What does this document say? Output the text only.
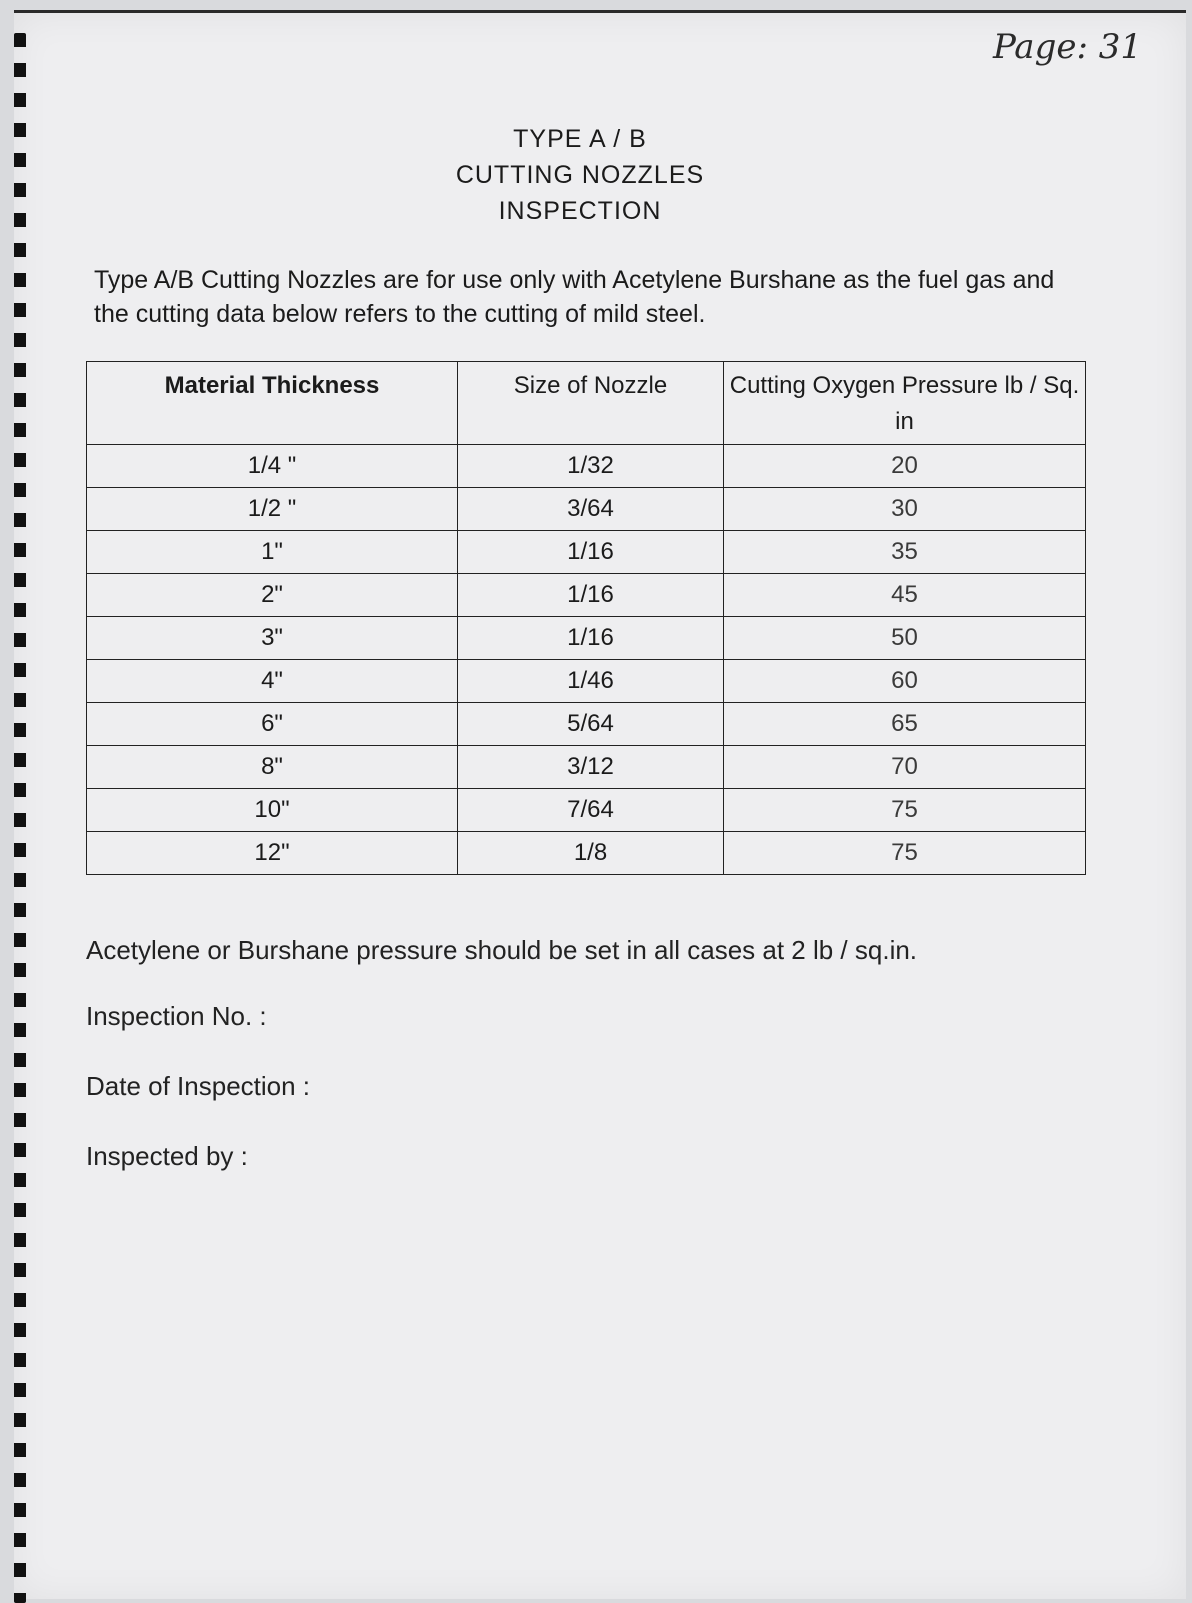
Page: 31
TYPE A / B
CUTTING NOZZLES
INSPECTION
Type A/B Cutting Nozzles are for use only with Acetylene Burshane as the fuel gas and the cutting data below refers to the cutting of mild steel.
Material Thickness	Size of Nozzle	Cutting Oxygen Pressure lb / Sq. in
1/4 "	1/32	20
1/2 "	3/64	30
1"	1/16	35
2"	1/16	45
3"	1/16	50
4"	1/46	60
6"	5/64	65
8"	3/12	70
10"	7/64	75
12"	1/8	75
Acetylene or Burshane pressure should be set in all cases at 2 lb / sq.in.
Inspection No. :
Date of Inspection :
Inspected by :
